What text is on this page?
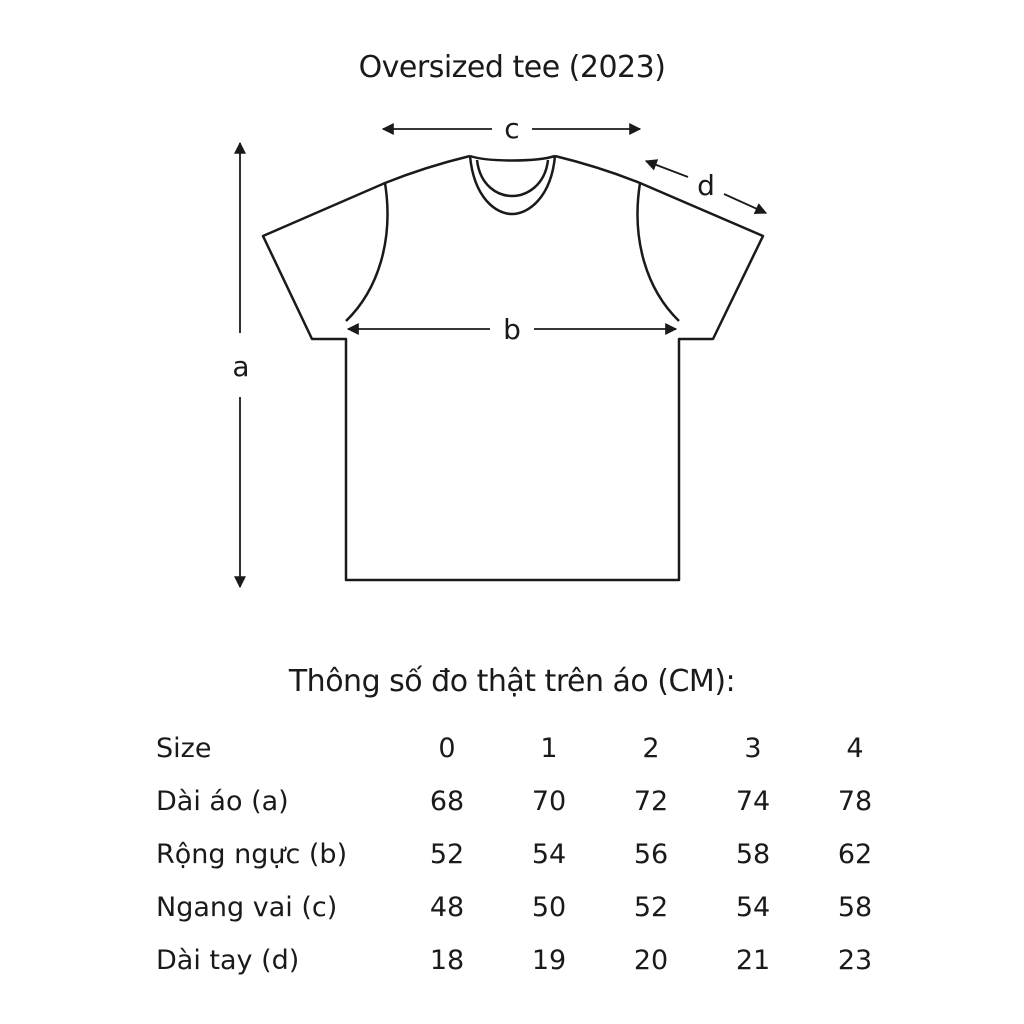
Oversized tee (2023)
a
b
c
d
Thông số đo thật trên áo (CM):
Size	0	1	2	3	4
Dài áo (a)	68	70	72	74	78
Rộng ngực (b)	52	54	56	58	62
Ngang vai (c)	48	50	52	54	58
Dài tay (d)	18	19	20	21	23
